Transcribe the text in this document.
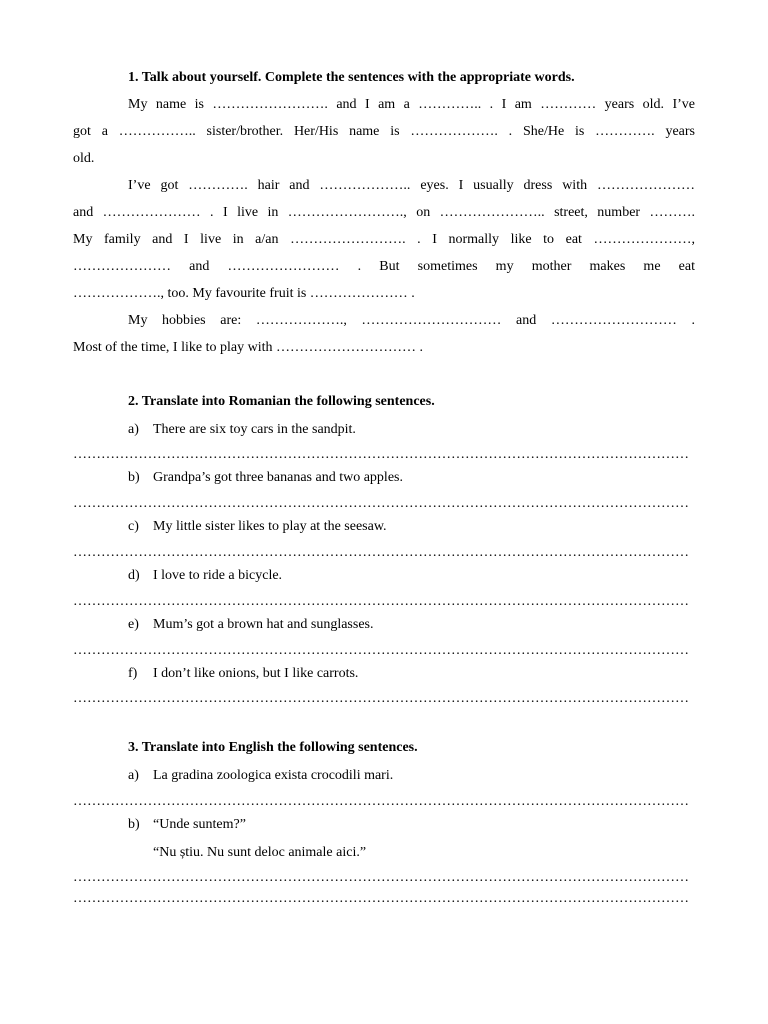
1. Talk about yourself. Complete the sentences with the appropriate words.
My name is ……………………. and I am a ………….. . I am ………… years old. I’ve
got a …………….. sister/brother. Her/His name is ………………. . She/He is …………. years
old.
I’ve got …………. hair and ……………….. eyes. I usually dress with …………………
and ………………… . I live in ……………………., on ………………….. street, number ……….
My family and I live in a/an ……………………. . I normally like to eat …………………,
………………… and …………………… . But sometimes my mother makes me eat
………………., too. My favourite fruit is ………………… .
My hobbies are: ………………., ………………………… and ……………………… .
Most of the time, I like to play with ………………………… .
2. Translate into Romanian the following sentences.
a) There are six toy cars in the sandpit.
……………………………………………………………………………………………………………………
b) Grandpa’s got three bananas and two apples.
……………………………………………………………………………………………………………………
c) My little sister likes to play at the seesaw.
……………………………………………………………………………………………………………………
d) I love to ride a bicycle.
……………………………………………………………………………………………………………………
e) Mum’s got a brown hat and sunglasses.
……………………………………………………………………………………………………………………
f) I don’t like onions, but I like carrots.
……………………………………………………………………………………………………………………
3. Translate into English the following sentences.
a) La gradina zoologica exista crocodili mari.
……………………………………………………………………………………………………………………
b) “Unde suntem?”
“Nu știu. Nu sunt deloc animale aici.”
……………………………………………………………………………………………………………………
……………………………………………………………………………………………………………………
